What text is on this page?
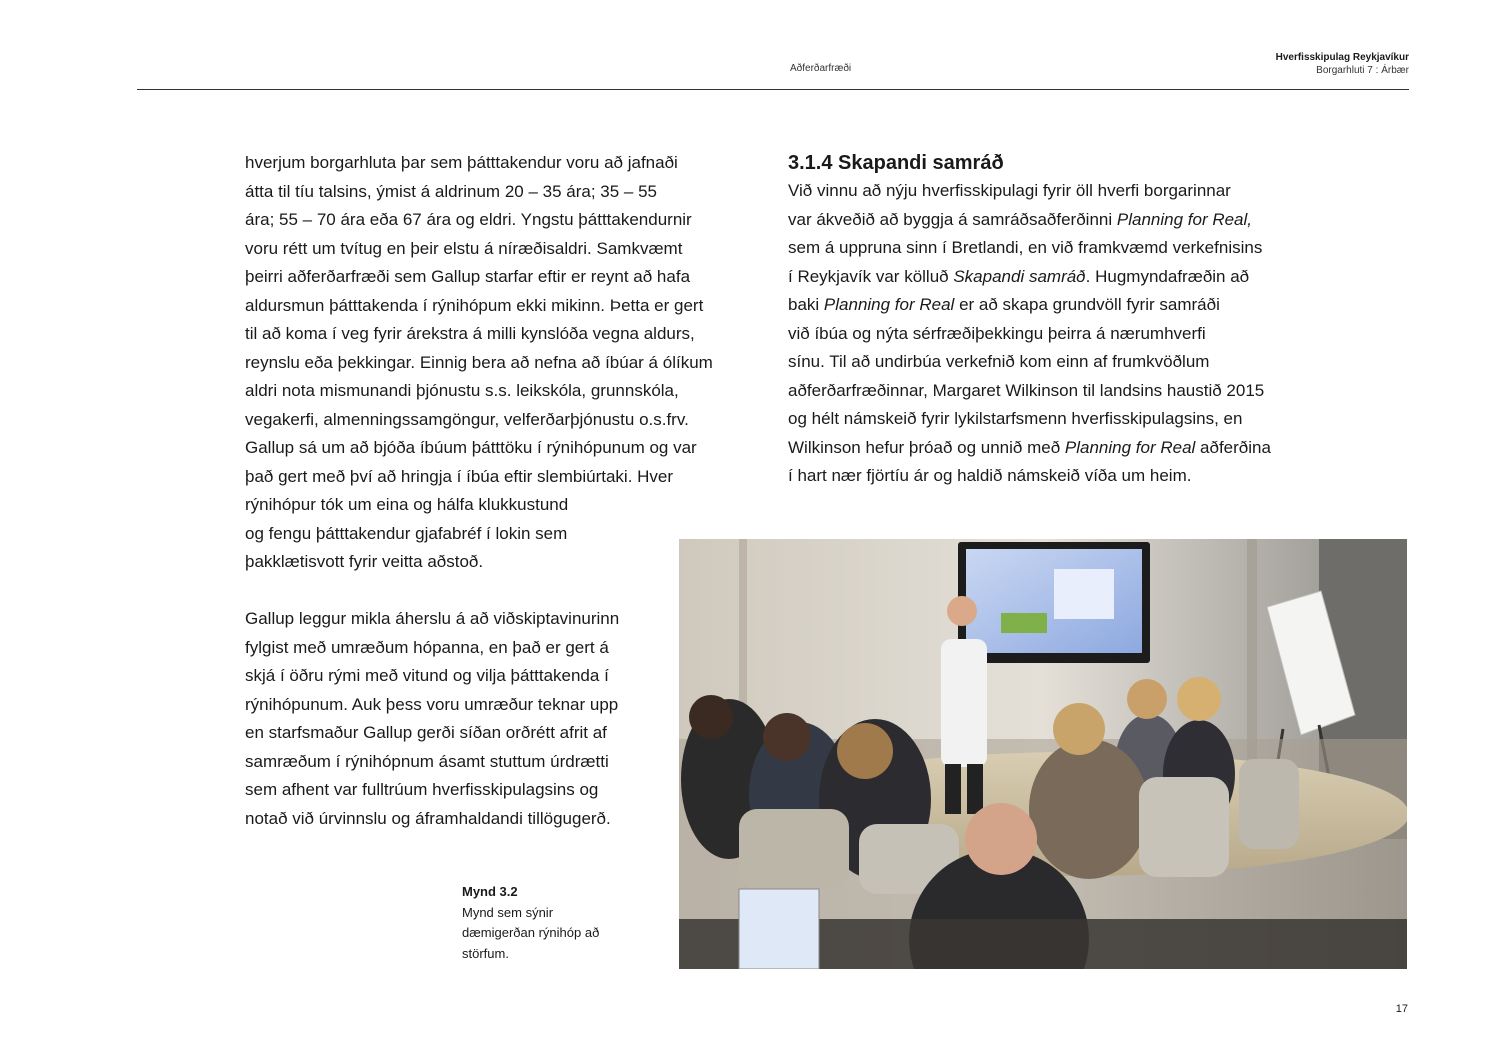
Aðferðarfræði
Hverfisskipulag Reykjavíkur
Borgarhluti 7 : Árbær

hverjum borgarhluta þar sem þátttakendur voru að jafnaði
átta til tíu talsins, ýmist á aldrinum 20 – 35 ára; 35 – 55
ára; 55 – 70 ára eða 67 ára og eldri. Yngstu þátttakendurnir
voru rétt um tvítug en þeir elstu á níræðisaldri. Samkvæmt
þeirri aðferðarfræði sem Gallup starfar eftir er reynt að hafa
aldursmun þátttakenda í rýnihópum ekki mikinn. Þetta er gert
til að koma í veg fyrir árekstra á milli kynslóða vegna aldurs,
reynslu eða þekkingar. Einnig bera að nefna að íbúar á ólíkum
aldri nota mismunandi þjónustu s.s. leikskóla, grunnskóla,
vegakerfi, almenningssamgöngur, velferðarþjónustu o.s.frv.
Gallup sá um að bjóða íbúum þátttöku í rýnihópunum og var
það gert með því að hringja í íbúa eftir slembiúrtaki. Hver
rýnihópur tók um eina og hálfa klukkustund
og fengu þátttakendur gjafabréf í lokin sem
þakklætisvott fyrir veitta aðstoð.

Gallup leggur mikla áherslu á að viðskiptavinurinn
fylgist með umræðum hópanna, en það er gert á
skjá í öðru rými með vitund og vilja þátttakenda í
rýnihópunum. Auk þess voru umræður teknar upp
en starfsmaður Gallup gerði síðan orðrétt afrit af
samræðum í rýnihópnum ásamt stuttum úrdrætti
sem afhent var fulltrúum hverfisskipulagsins og
notað við úrvinnslu og áframhaldandi tillögugerð.

3.1.4 Skapandi samráð
Við vinnu að nýju hverfisskipulagi fyrir öll hverfi borgarinnar
var ákveðið að byggja á samráðsaðferðinni Planning for Real,
sem á uppruna sinn í Bretlandi, en við framkvæmd verkefnisins
í Reykjavík var kölluð Skapandi samráð. Hugmyndafræðin að
baki Planning for Real er að skapa grundvöll fyrir samráði
við íbúa og nýta sérfræðiþekkingu þeirra á nærumhverfi
sínu. Til að undirbúa verkefnið kom einn af frumkvöðlum
aðferðarfræðinnar, Margaret Wilkinson til landsins haustið 2015
og hélt námskeið fyrir lykilstarfsmenn hverfisskipulagsins, en
Wilkinson hefur þróað og unnið með Planning for Real aðferðina
í hart nær fjörtíu ár og haldið námskeið víða um heim.
Mynd 3.2
Mynd sem sýnir
dæmigerðan rýnihóp að
störfum.
17
